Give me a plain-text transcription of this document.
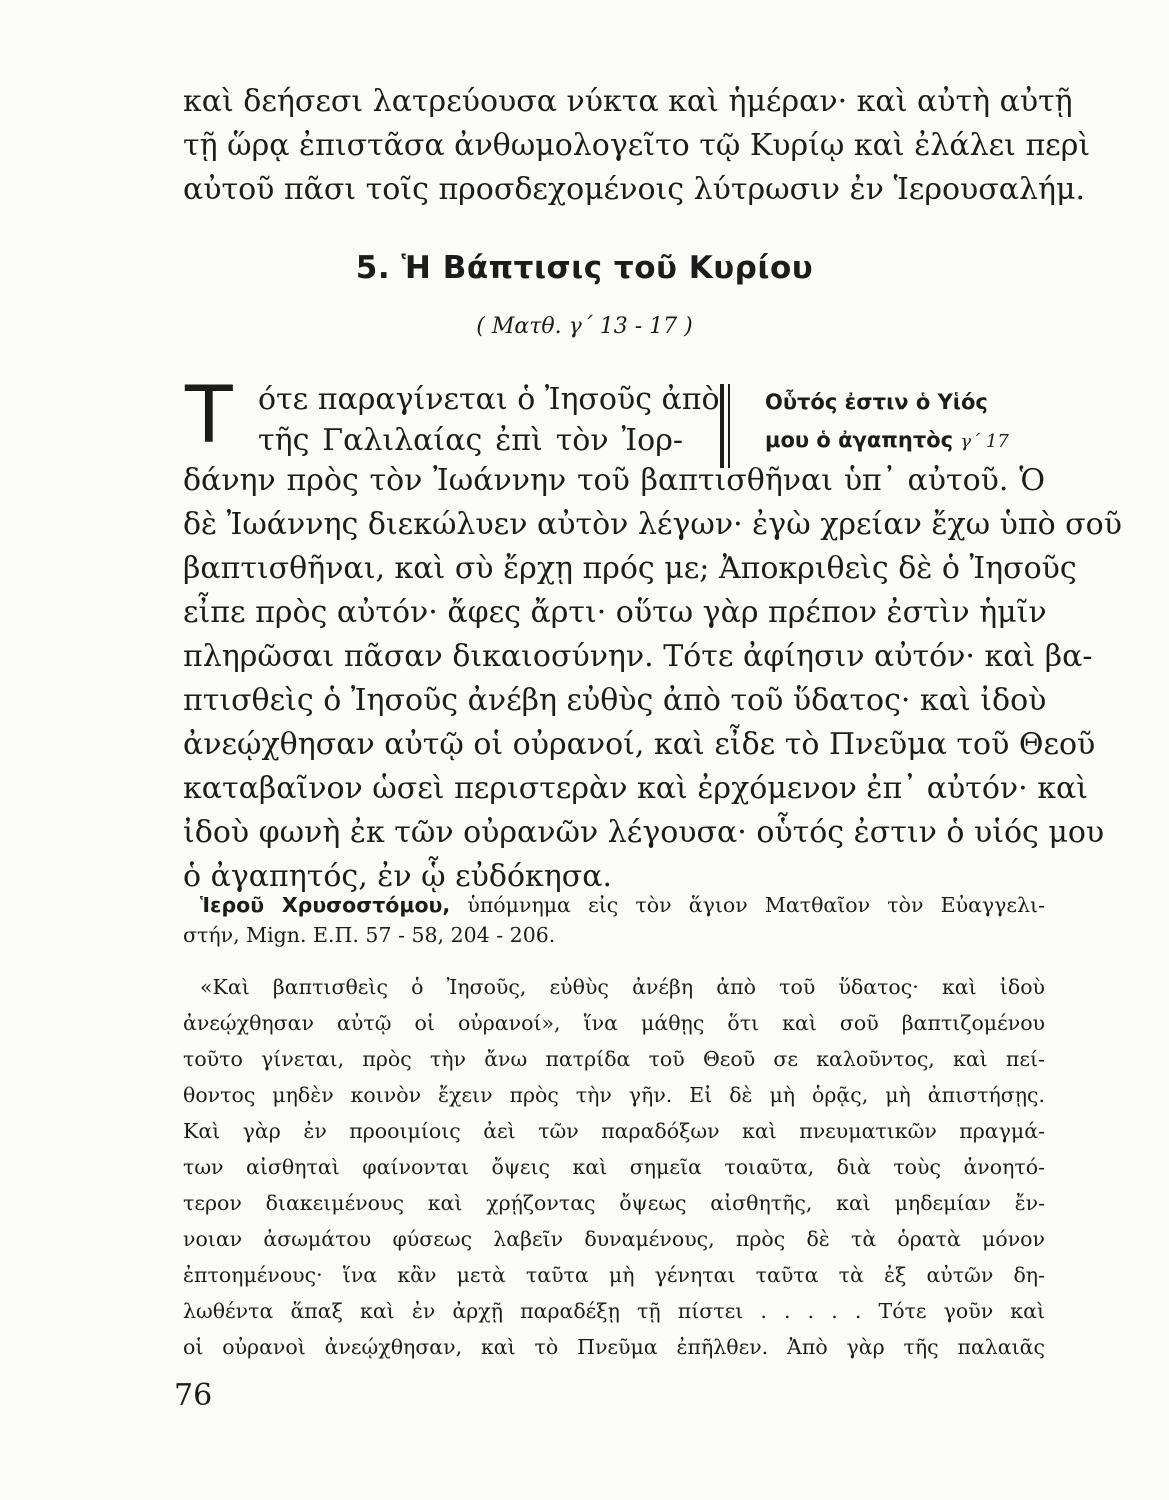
καὶ δεήσεσι λατρεύουσα νύκτα καὶ ἡμέραν· καὶ αὐτὴ αὐτῇ
τῇ ὥρᾳ ἐπιστᾶσα ἀνθωμολογεῖτο τῷ Κυρίῳ καὶ ἐλάλει περὶ
αὐτοῦ πᾶσι τοῖς προσδεχομένοις λύτρωσιν ἐν Ἱερουσαλήμ.
5. Ἡ Βάπτισις τοῦ Κυρίου
( Ματθ. γ΄ 13 - 17 )
Τ ότε παραγίνεται ὁ Ἰησοῦς ἀπὸ
τῆς Γαλιλαίας ἐπὶ τὸν Ἰορ-
Οὗτός ἐστιν ὁ Υἱός
μου ὁ ἀγαπητὸς γ΄ 17
δάνην πρὸς τὸν Ἰωάννην τοῦ βαπτισθῆναι ὑπ᾽ αὐτοῦ. Ὁ
δὲ Ἰωάννης διεκώλυεν αὐτὸν λέγων· ἐγὼ χρείαν ἔχω ὑπὸ σοῦ
βαπτισθῆναι, καὶ σὺ ἔρχῃ πρός με; Ἀποκριθεὶς δὲ ὁ Ἰησοῦς
εἶπε πρὸς αὐτόν· ἄφες ἄρτι· οὕτω γὰρ πρέπον ἐστὶν ἡμῖν
πληρῶσαι πᾶσαν δικαιοσύνην. Τότε ἀφίησιν αὐτόν· καὶ βα-
πτισθεὶς ὁ Ἰησοῦς ἀνέβη εὐθὺς ἀπὸ τοῦ ὕδατος· καὶ ἰδοὺ
ἀνεῴχθησαν αὐτῷ οἱ οὐρανοί, καὶ εἶδε τὸ Πνεῦμα τοῦ Θεοῦ
καταβαῖνον ὡσεὶ περιστερὰν καὶ ἐρχόμενον ἐπ᾽ αὐτόν· καὶ
ἰδοὺ φωνὴ ἐκ τῶν οὐρανῶν λέγουσα· οὗτός ἐστιν ὁ υἱός μου
ὁ ἀγαπητός, ἐν ᾧ εὐδόκησα.
Ἱεροῦ Χρυσοστόμου, ὑπόμνημα εἰς τὸν ἅγιον Ματθαῖον τὸν Εὐαγγελι-
στήν, Mign. Ε.Π. 57 - 58, 204 - 206.
«Καὶ βαπτισθεὶς ὁ Ἰησοῦς, εὐθὺς ἀνέβη ἀπὸ τοῦ ὕδατος· καὶ ἰδοὺ
ἀνεῴχθησαν αὐτῷ οἱ οὐρανοί», ἵνα μάθῃς ὅτι καὶ σοῦ βαπτιζομένου
τοῦτο γίνεται, πρὸς τὴν ἄνω πατρίδα τοῦ Θεοῦ σε καλοῦντος, καὶ πεί-
θοντος μηδὲν κοινὸν ἔχειν πρὸς τὴν γῆν. Εἰ δὲ μὴ ὁρᾷς, μὴ ἀπιστήσῃς.
Καὶ γὰρ ἐν προοιμίοις ἀεὶ τῶν παραδόξων καὶ πνευματικῶν πραγμά-
των αἰσθηταὶ φαίνονται ὄψεις καὶ σημεῖα τοιαῦτα, διὰ τοὺς ἀνοητό-
τερον διακειμένους καὶ χρῄζοντας ὄψεως αἰσθητῆς, καὶ μηδεμίαν ἔν-
νοιαν ἀσωμάτου φύσεως λαβεῖν δυναμένους, πρὸς δὲ τὰ ὁρατὰ μόνον
ἐπτοημένους· ἵνα κἂν μετὰ ταῦτα μὴ γένηται ταῦτα τὰ ἐξ αὐτῶν δη-
λωθέντα ἅπαξ καὶ ἐν ἀρχῇ παραδέξῃ τῇ πίστει . . . . . Τότε γοῦν καὶ
οἱ οὐρανοὶ ἀνεῴχθησαν, καὶ τὸ Πνεῦμα ἐπῆλθεν. Ἀπὸ γὰρ τῆς παλαιᾶς
76
